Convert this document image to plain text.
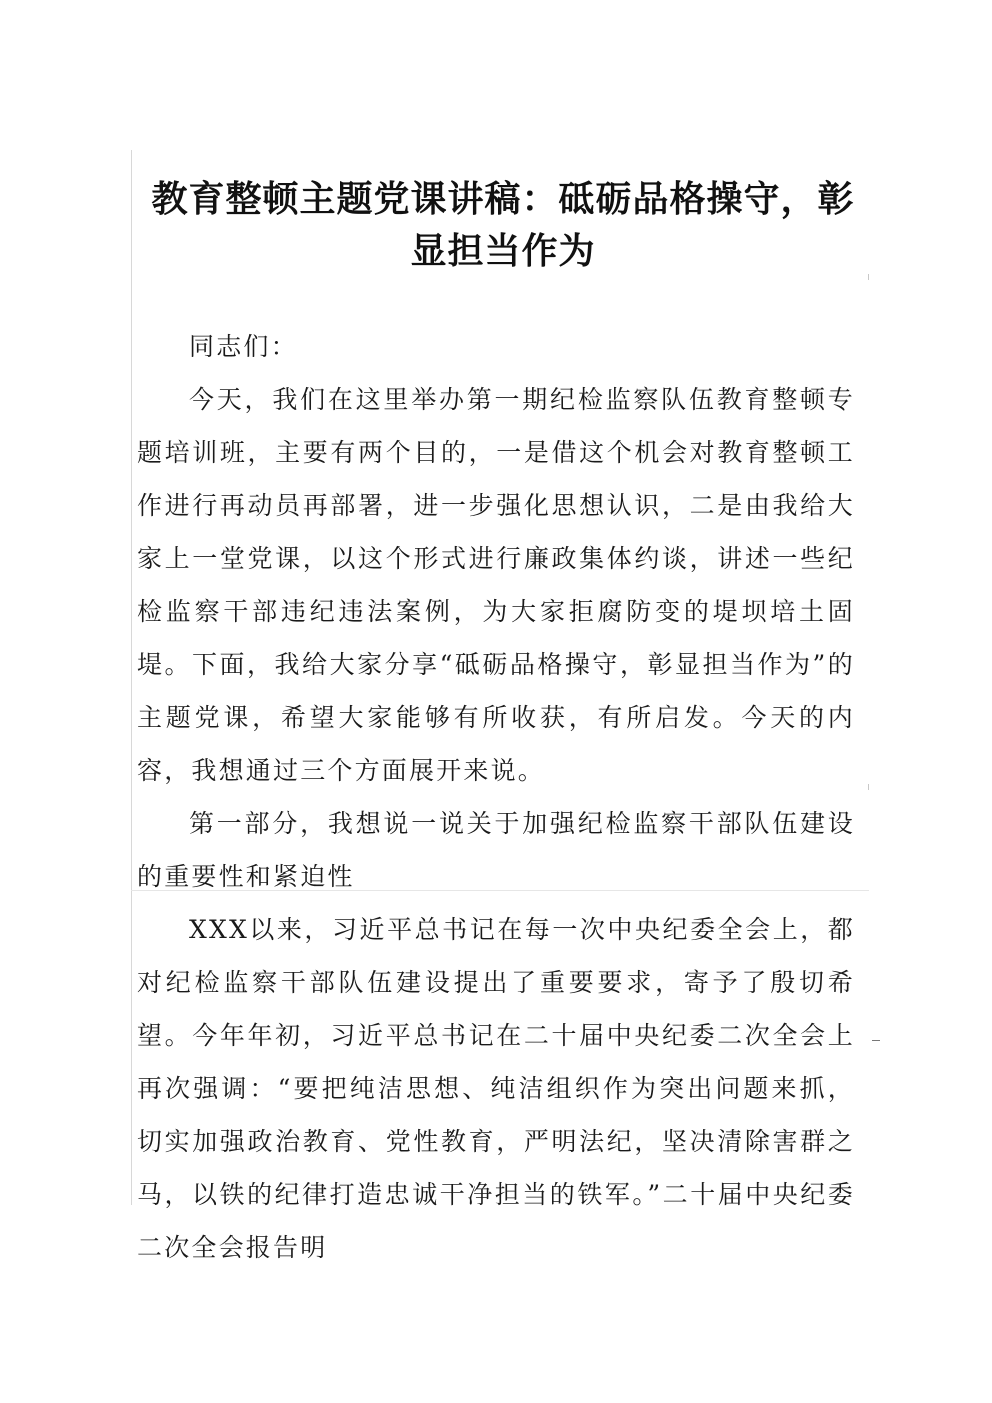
教育整顿主题党课讲稿：砥砺品格操守，彰显担当作为

同志们：

今天，我们在这里举办第一期纪检监察队伍教育整顿专题培训班，主要有两个目的，一是借这个机会对教育整顿工作进行再动员再部署，进一步强化思想认识，二是由我给大家上一堂党课，以这个形式进行廉政集体约谈，讲述一些纪检监察干部违纪违法案例，为大家拒腐防变的堤坝培土固堤。下面，我给大家分享“砥砺品格操守，彰显担当作为”的主题党课，希望大家能够有所收获，有所启发。今天的内容，我想通过三个方面展开来说。

第一部分，我想说一说关于加强纪检监察干部队伍建设的重要性和紧迫性

XXX以来，习近平总书记在每一次中央纪委全会上，都对纪检监察干部队伍建设提出了重要要求，寄予了殷切希望。今年年初，习近平总书记在二十届中央纪委二次全会上再次强调：“要把纯洁思想、纯洁组织作为突出问题来抓，切实加强政治教育、党性教育，严明法纪，坚决清除害群之马，以铁的纪律打造忠诚干净担当的铁军。”二十届中央纪委二次全会报告明
